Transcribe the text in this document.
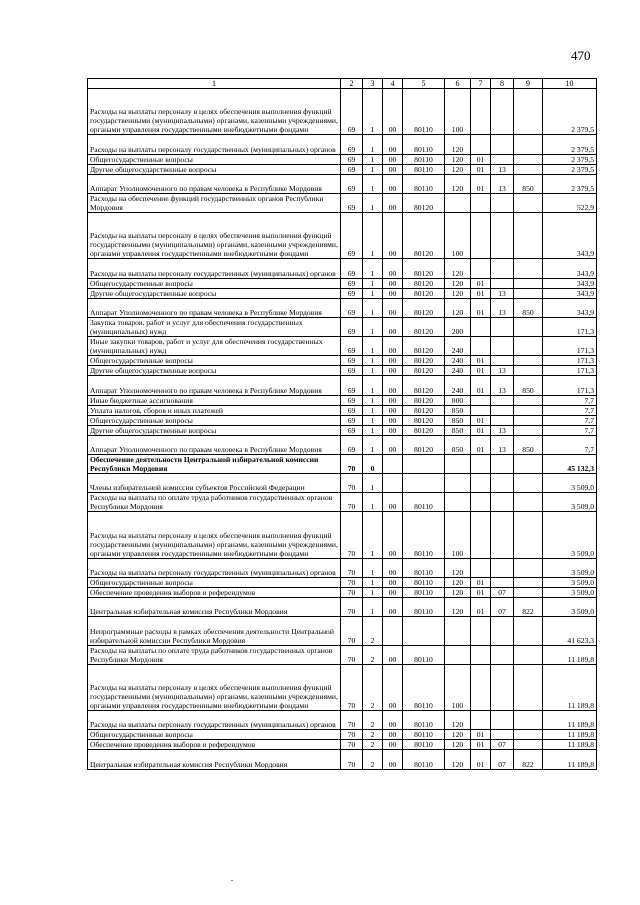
470
1	2	3	4	5	6	7	8	9	10
Расходы на выплаты персоналу в целях обеспечения выполнения функций государственными (муниципальными) органами, казенными учреждениями, органами управления государственными внебюджетными фондами	69	1	00	80110	100				2 379,5
Расходы на выплаты персоналу государственных (муниципальных) органов	69	1	00	80110	120				2 379,5
Общегосударственные вопросы	69	1	00	80110	120	01			2 379,5
Другие общегосударственные вопросы	69	1	00	80110	120	01	13		2 379,5
Аппарат Уполномоченного по правам человека в Республике Мордовия	69	1	00	80110	120	01	13	850	2 379,5
Расходы на обеспечение функций государственных органов Республики Мордовия	69	1	00	80120					522,9
Расходы на выплаты персоналу в целях обеспечения выполнения функций государственными (муниципальными) органами, казенными учреждениями, органами управления государственными внебюджетными фондами	69	1	00	80120	100				343,9
Расходы на выплаты персоналу государственных (муниципальных) органов	69	1	00	80120	120				343,9
Общегосударственные вопросы	69	1	00	80120	120	01			343,9
Другие общегосударственные вопросы	69	1	00	80120	120	01	13		343,9
Аппарат Уполномоченного по правам человека в Республике Мордовия	69	1	00	80120	120	01	13	850	343,9
Закупка товаров, работ и услуг для обеспечения государственных (муниципальных) нужд	69	1	00	80120	200				171,3
Иные закупки товаров, работ и услуг для обеспечения государственных (муниципальных) нужд	69	1	00	80120	240				171,3
Общегосударственные вопросы	69	1	00	80120	240	01			171,3
Другие общегосударственные вопросы	69	1	00	80120	240	01	13		171,3
Аппарат Уполномоченного по правам человека в Республике Мордовия	69	1	00	80120	240	01	13	850	171,3
Иные бюджетные ассигнования	69	1	00	80120	800				7,7
Уплата налогов, сборов и иных платежей	69	1	00	80120	850				7,7
Общегосударственные вопросы	69	1	00	80120	850	01			7,7
Другие общегосударственные вопросы	69	1	00	80120	850	01	13		7,7
Аппарат Уполномоченного по правам человека в Республике Мордовия	69	1	00	80120	850	01	13	850	7,7
Обеспечение деятельности Центральной избирательной комиссии Республики Мордовия	70	0							45 132,3
Члены избирательной комиссии субъектов Российской Федерации	70	1							3 509,0
Расходы на выплаты по оплате труда работников государственных органов Республики Мордовия	70	1	00	80110					3 509,0
Расходы на выплаты персоналу в целях обеспечения выполнения функций государственными (муниципальными) органами, казенными учреждениями, органами управления государственными внебюджетными фондами	70	1	00	80110	100				3 509,0
Расходы на выплаты персоналу государственных (муниципальных) органов	70	1	00	80110	120				3 509,0
Общегосударственные вопросы	70	1	00	80110	120	01			3 509,0
Обеспечение проведения выборов и референдумов	70	1	00	80110	120	01	07		3 509,0
Центральная избирательная комиссия Республики Мордовия	70	1	00	80110	120	01	07	822	3 509,0
Непрограммные расходы в рамках обеспечения деятельности Центральной избирательной комиссии Республики Мордовия	70	2							41 623,3
Расходы на выплаты по оплате труда работников государственных органов Республики Мордовия	70	2	00	80110					11 189,8
Расходы на выплаты персоналу в целях обеспечения выполнения функций государственными (муниципальными) органами, казенными учреждениями, органами управления государственными внебюджетными фондами	70	2	00	80110	100				11 189,8
Расходы на выплаты персоналу государственных (муниципальных) органов	70	2	00	80110	120				11 189,8
Общегосударственные вопросы	70	2	00	80110	120	01			11 189,8
Обеспечение проведения выборов и референдумов	70	2	00	80110	120	01	07		11 189,8
Центральная избирательная комиссия Республики Мордовия	70	2	00	80110	120	01	07	822	11 189,8
